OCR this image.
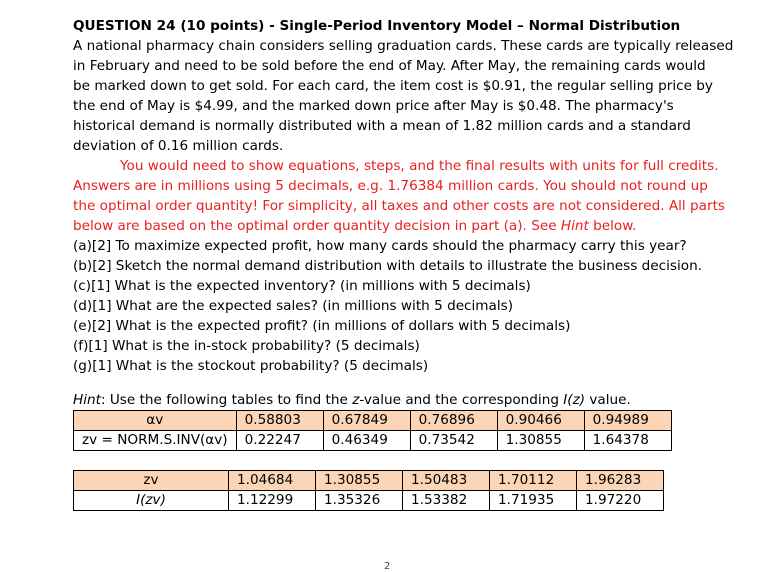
QUESTION 24 (10 points) - Single-Period Inventory Model – Normal Distribution
A national pharmacy chain considers selling graduation cards. These cards are typically released
in February and need to be sold before the end of May. After May, the remaining cards would
be marked down to get sold. For each card, the item cost is $0.91, the regular selling price by
the end of May is $4.99, and the marked down price after May is $0.48. The pharmacy's
historical demand is normally distributed with a mean of 1.82 million cards and a standard
deviation of 0.16 million cards.
You would need to show equations, steps, and the final results with units for full credits.
Answers are in millions using 5 decimals, e.g. 1.76384 million cards. You should not round up
the optimal order quantity! For simplicity, all taxes and other costs are not considered. All parts
below are based on the optimal order quantity decision in part (a). See Hint below.
(a)[2] To maximize expected profit, how many cards should the pharmacy carry this year?
(b)[2] Sketch the normal demand distribution with details to illustrate the business decision.
(c)[1] What is the expected inventory? (in millions with 5 decimals)
(d)[1] What are the expected sales? (in millions with 5 decimals)
(e)[2] What is the expected profit? (in millions of dollars with 5 decimals)
(f)[1] What is the in-stock probability? (5 decimals)
(g)[1] What is the stockout probability? (5 decimals)
Hint: Use the following tables to find the z-value and the corresponding I(z) value.
αv	0.58803	0.67849	0.76896	0.90466	0.94989
zv = NORM.S.INV(αv)	0.22247	0.46349	0.73542	1.30855	1.64378
zv	1.04684	1.30855	1.50483	1.70112	1.96283
I(zv)	1.12299	1.35326	1.53382	1.71935	1.97220
2
